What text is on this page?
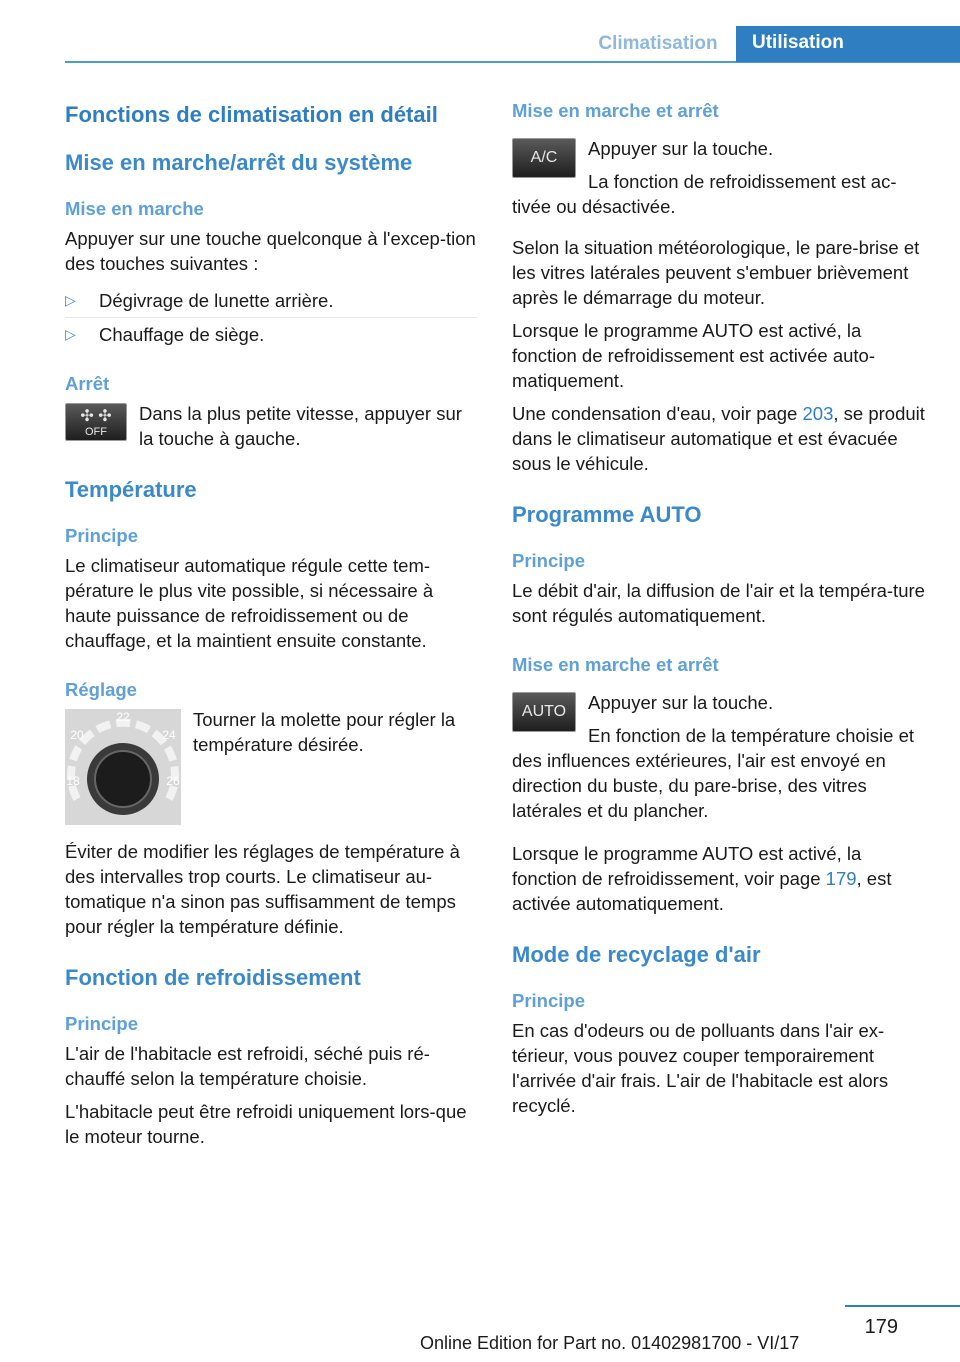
Climatisation	Utilisation
Fonctions de climatisation en détail
Mise en marche/arrêt du système
Mise en marche

Appuyer sur une touche quelconque à l'excep-tion des touches suivantes :

▷ Dégivrage de lunette arrière.
▷ Chauffage de siège.
Arrêt
✣ ✣
OFF

Dans la plus petite vitesse, appuyer sur la touche à gauche.

Température
Principe

Le climatiseur automatique régule cette tem-pérature le plus vite possible, si nécessaire à haute puissance de refroidissement ou de chauffage, et la maintient ensuite constante.

Réglage
22
20	24
18	26

Tourner la molette pour régler la température désirée.

Éviter de modifier les réglages de température à des intervalles trop courts. Le climatiseur au-tomatique n'a sinon pas suffisamment de temps pour régler la température définie.

Fonction de refroidissement
Principe

L'air de l'habitacle est refroidi, séché puis ré-chauffé selon la température choisie.

L'habitacle peut être refroidi uniquement lors-que le moteur tourne.

Mise en marche et arrêt
A/C	Appuyer sur la touche.

La fonction de refroidissement est ac-tivée ou désactivée.

Selon la situation météorologique, le pare-brise et les vitres latérales peuvent s'embuer brièvement après le démarrage du moteur.

Lorsque le programme AUTO est activé, la fonction de refroidissement est activée auto-matiquement.

Une condensation d'eau, voir page 203, se produit dans le climatiseur automatique et est évacuée sous le véhicule.

Programme AUTO
Principe

Le débit d'air, la diffusion de l'air et la tempéra-ture sont régulés automatiquement.

Mise en marche et arrêt
AUTO	Appuyer sur la touche.

En fonction de la température choisie et des influences extérieures, l'air est envoyé en direction du buste, du pare-brise, des vitres latérales et du plancher.

Lorsque le programme AUTO est activé, la fonction de refroidissement, voir page 179, est activée automatiquement.

Mode de recyclage d'air
Principe

En cas d'odeurs ou de polluants dans l'air ex-térieur, vous pouvez couper temporairement l'arrivée d'air frais. L'air de l'habitacle est alors recyclé.

179
Online Edition for Part no. 01402981700 - VI/17
